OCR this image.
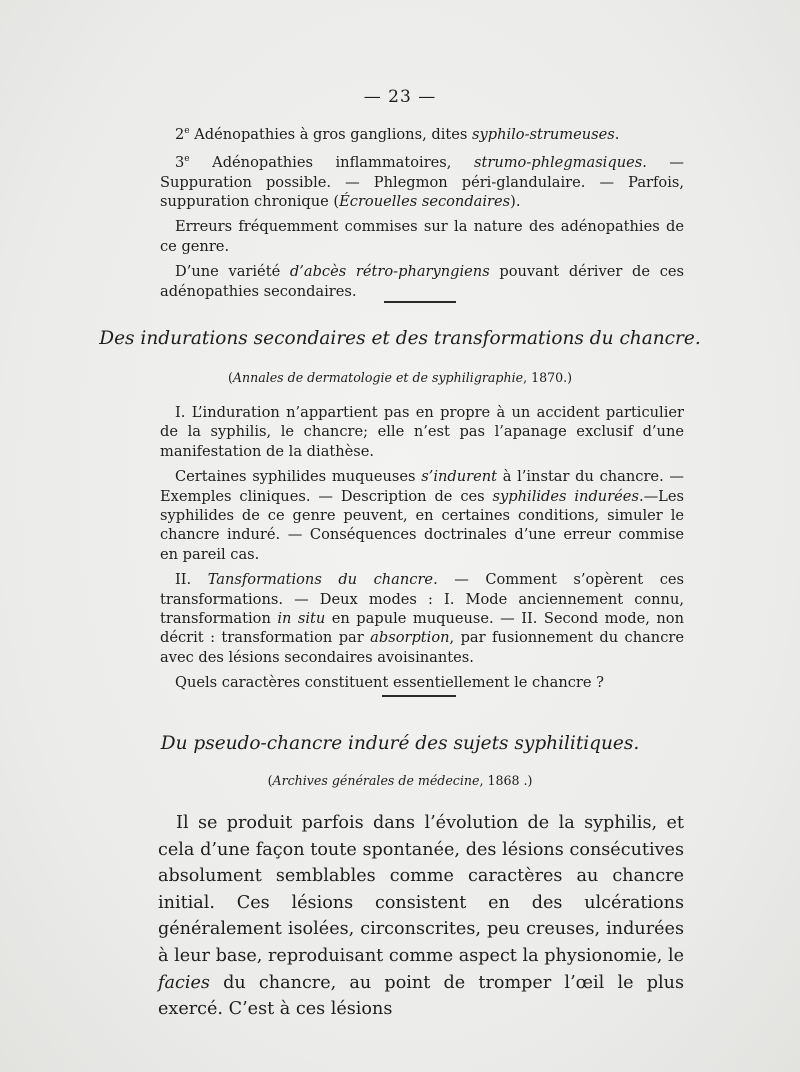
— 23 —

2e Adénopathies à gros ganglions, dites syphilo-strumeuses.

3e Adénopathies inflammatoires, strumo-phlegmasiques. — Suppuration possible. — Phlegmon péri-glandulaire. — Parfois, suppuration chronique (Écrouelles secondaires).

Erreurs fréquemment commises sur la nature des adénopathies de ce genre.

D’une variété d’abcès rétro-pharyngiens pouvant dériver de ces adénopathies secondaires.

Des indurations secondaires et des transformations du chancre.
(Annales de dermatologie et de syphiligraphie, 1870.)

I. L’induration n’appartient pas en propre à un accident particulier de la syphilis, le chancre; elle n’est pas l’apanage exclusif d’une manifestation de la diathèse.

Certaines syphilides muqueuses s’indurent à l’instar du chancre. — Exemples cliniques. — Description de ces syphilides indurées.—Les syphilides de ce genre peuvent, en certaines conditions, simuler le chancre induré. — Conséquences doctrinales d’une erreur commise en pareil cas.

II. Tansformations du chancre. — Comment s’opèrent ces transformations. — Deux modes : I. Mode anciennement connu, transformation in situ en papule muqueuse. — II. Second mode, non décrit : transformation par absorption, par fusionnement du chancre avec des lésions secondaires avoisinantes.

Quels caractères constituent essentiellement le chancre ?

Du pseudo-chancre induré des sujets syphilitiques.
(Archives générales de médecine, 1868 .)

Il se produit parfois dans l’évolution de la syphilis, et cela d’une façon toute spontanée, des lésions consécutives absolument semblables comme caractères au chancre initial. Ces lésions consistent en des ulcérations généralement isolées, circonscrites, peu creuses, indurées à leur base, reproduisant comme aspect la physionomie, le facies du chancre, au point de tromper l’œil le plus exercé. C’est à ces lésions
